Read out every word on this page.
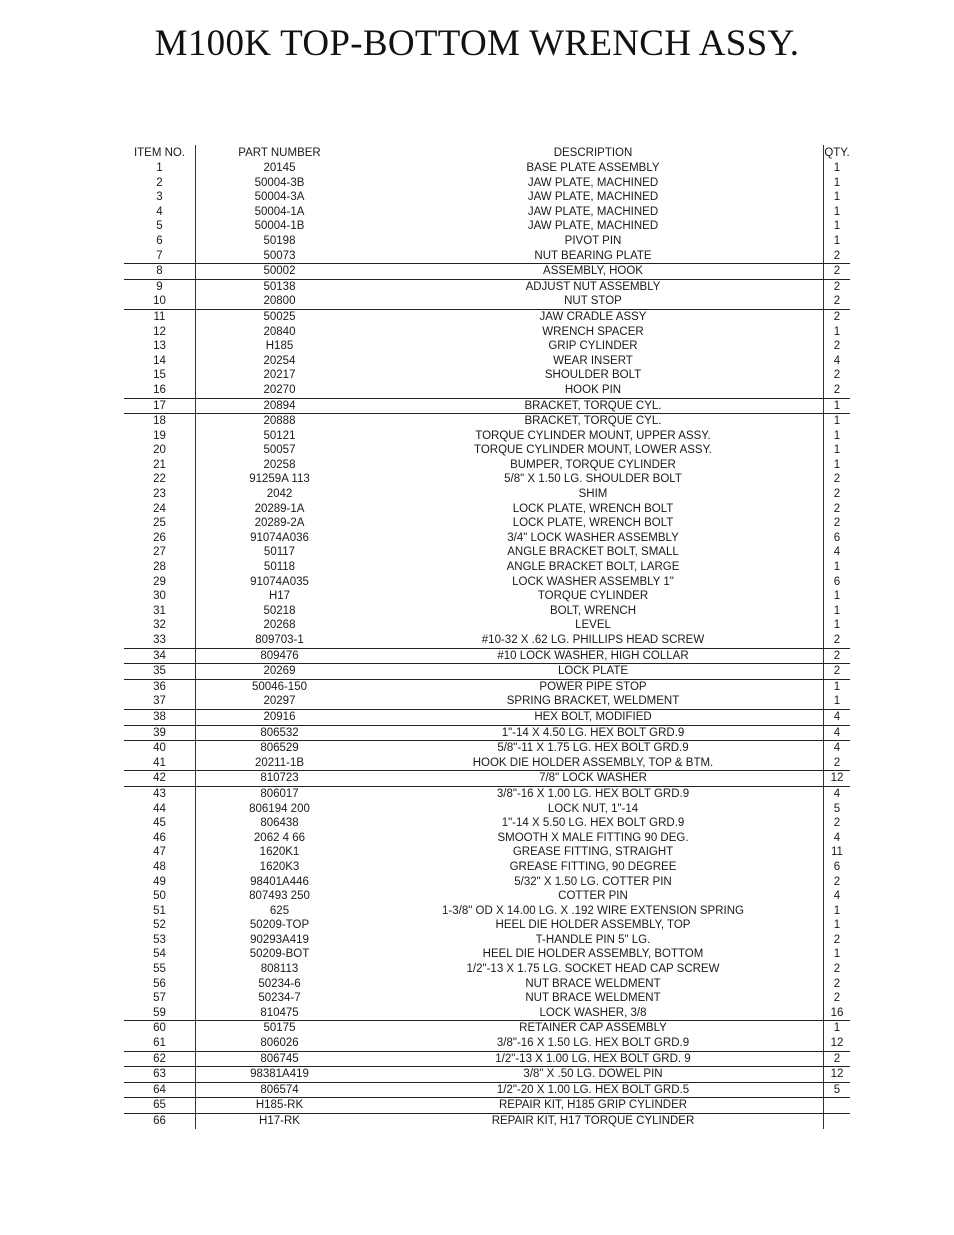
M100K TOP-BOTTOM WRENCH ASSY.
ITEM NO.	PART NUMBER	DESCRIPTION	QTY.
1	20145	BASE PLATE ASSEMBLY	1
2	50004-3B	JAW PLATE, MACHINED	1
3	50004-3A	JAW PLATE, MACHINED	1
4	50004-1A	JAW PLATE, MACHINED	1
5	50004-1B	JAW PLATE, MACHINED	1
6	50198	PIVOT PIN	1
7	50073	NUT BEARING PLATE	2
8	50002	ASSEMBLY, HOOK	2
9	50138	ADJUST NUT ASSEMBLY	2
10	20800	NUT STOP	2
11	50025	JAW CRADLE ASSY	2
12	20840	WRENCH SPACER	1
13	H185	GRIP CYLINDER	2
14	20254	WEAR INSERT	4
15	20217	SHOULDER BOLT	2
16	20270	HOOK PIN	2
17	20894	BRACKET, TORQUE CYL.	1
18	20888	BRACKET, TORQUE CYL.	1
19	50121	TORQUE CYLINDER MOUNT, UPPER ASSY.	1
20	50057	TORQUE CYLINDER MOUNT, LOWER ASSY.	1
21	20258	BUMPER, TORQUE CYLINDER	1
22	91259A 113	5/8" X 1.50 LG. SHOULDER BOLT	2
23	2042	SHIM	2
24	20289-1A	LOCK PLATE, WRENCH BOLT	2
25	20289-2A	LOCK PLATE, WRENCH BOLT	2
26	91074A036	3/4" LOCK WASHER ASSEMBLY	6
27	50117	ANGLE BRACKET BOLT, SMALL	4
28	50118	ANGLE BRACKET BOLT, LARGE	1
29	91074A035	LOCK WASHER ASSEMBLY 1"	6
30	H17	TORQUE CYLINDER	1
31	50218	BOLT, WRENCH	1
32	20268	LEVEL	1
33	809703-1	#10-32 X .62 LG. PHILLIPS HEAD SCREW	2
34	809476	#10 LOCK WASHER, HIGH COLLAR	2
35	20269	LOCK PLATE	2
36	50046-150	POWER PIPE STOP	1
37	20297	SPRING BRACKET, WELDMENT	1
38	20916	HEX BOLT, MODIFIED	4
39	806532	1"-14 X 4.50 LG. HEX BOLT GRD.9	4
40	806529	5/8"-11 X 1.75 LG. HEX BOLT GRD.9	4
41	20211-1B	HOOK DIE HOLDER ASSEMBLY, TOP & BTM.	2
42	810723	7/8" LOCK WASHER	12
43	806017	3/8"-16 X 1.00 LG. HEX BOLT GRD.9	4
44	806194 200	LOCK NUT, 1"-14	5
45	806438	1"-14 X 5.50 LG. HEX BOLT GRD.9	2
46	2062 4 66	SMOOTH X MALE FITTING 90 DEG.	4
47	1620K1	GREASE FITTING, STRAIGHT	11
48	1620K3	GREASE FITTING, 90 DEGREE	6
49	98401A446	5/32" X 1.50 LG. COTTER PIN	2
50	807493 250	COTTER PIN	4
51	625	1-3/8" OD X 14.00 LG. X .192 WIRE EXTENSION SPRING	1
52	50209-TOP	HEEL DIE HOLDER ASSEMBLY, TOP	1
53	90293A419	T-HANDLE PIN 5" LG.	2
54	50209-BOT	HEEL DIE HOLDER ASSEMBLY, BOTTOM	1
55	808113	1/2"-13 X 1.75 LG. SOCKET HEAD CAP SCREW	2
56	50234-6	NUT BRACE WELDMENT	2
57	50234-7	NUT BRACE WELDMENT	2
59	810475	LOCK WASHER, 3/8	16
60	50175	RETAINER CAP ASSEMBLY	1
61	806026	3/8"-16 X 1.50 LG. HEX BOLT GRD.9	12
62	806745	1/2"-13 X 1.00 LG. HEX BOLT GRD. 9	2
63	98381A419	3/8" X .50 LG. DOWEL PIN	12
64	806574	1/2"-20 X 1.00 LG. HEX BOLT GRD.5	5
65	H185-RK	REPAIR KIT, H185 GRIP CYLINDER	
66	H17-RK	REPAIR KIT, H17 TORQUE CYLINDER	
